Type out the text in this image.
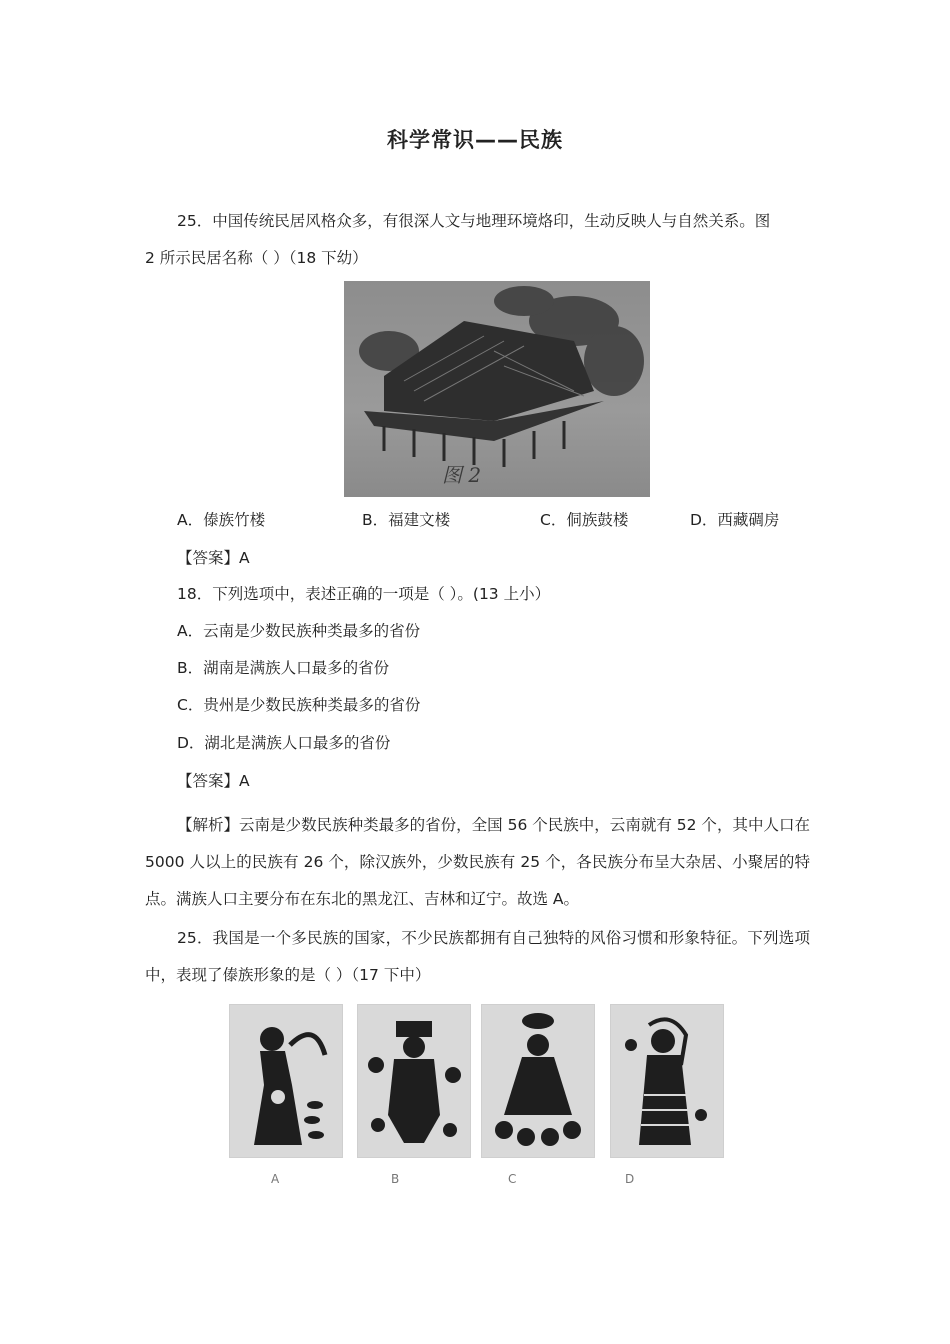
科学常识——民族
25．中国传统民居风格众多，有很深人文与地理环境烙印，生动反映人与自然关系。图
2 所示民居名称（ ）（18 下幼）
图 2
A．傣族竹楼	B．福建文楼	C．侗族鼓楼	D．西藏碉房
【答案】A
18．下列选项中，表述正确的一项是（ ）。(13 上小）
A．云南是少数民族种类最多的省份
B．湖南是满族人口最多的省份
C．贵州是少数民族种类最多的省份
D．湖北是满族人口最多的省份
【答案】A
【解析】云南是少数民族种类最多的省份，全国 56 个民族中，云南就有 52 个，其中人口在 5000 人以上的民族有 26 个，除汉族外，少数民族有 25 个，各民族分布呈大杂居、小聚居的特点。满族人口主要分布在东北的黑龙江、吉林和辽宁。故选 A。
25．我国是一个多民族的国家，不少民族都拥有自己独特的风俗习惯和形象特征。下列选项中，表现了傣族形象的是（ ）（17 下中）
A	B	C	D
